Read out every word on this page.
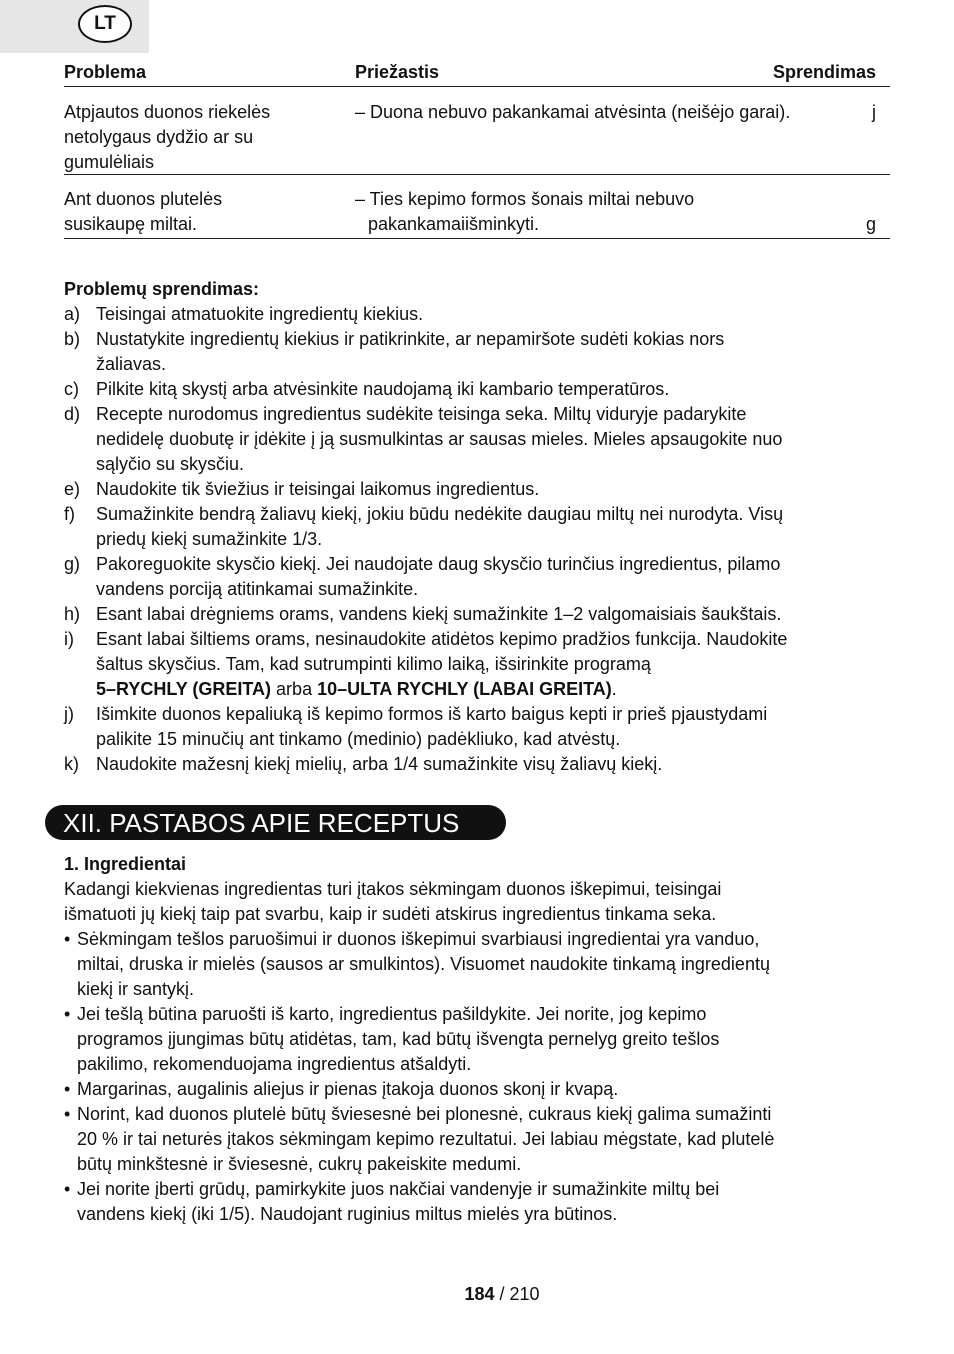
LT
Problema	Priežastis	Sprendimas
Atpjautos duonos riekelės
netolygaus dydžio ar su
gumulėliais
– Duona nebuvo pakankamai atvėsinta (neišėjo garai).	j
Ant duonos plutelės
susikaupę miltai.
– Ties kepimo formos šonais miltai nebuvo
pakankamaiišminkyti.	g
Problemų sprendimas:
a) Teisingai atmatuokite ingredientų kiekius.
b) Nustatykite ingredientų kiekius ir patikrinkite, ar nepamiršote sudėti kokias nors
žaliavas.
c) Pilkite kitą skystį arba atvėsinkite naudojamą iki kambario temperatūros.
d) Recepte nurodomus ingredientus sudėkite teisinga seka. Miltų viduryje padarykite
nedidelę duobutę ir įdėkite į ją susmulkintas ar sausas mieles. Mieles apsaugokite nuo
sąlyčio su skysčiu.
e) Naudokite tik šviežius ir teisingai laikomus ingredientus.
f) Sumažinkite bendrą žaliavų kiekį, jokiu būdu nedėkite daugiau miltų nei nurodyta. Visų
priedų kiekį sumažinkite 1/3.
g) Pakoreguokite skysčio kiekį. Jei naudojate daug skysčio turinčius ingredientus, pilamo
vandens porciją atitinkamai sumažinkite.
h) Esant labai drėgniems orams, vandens kiekį sumažinkite 1–2 valgomaisiais šaukštais.
i) Esant labai šiltiems orams, nesinaudokite atidėtos kepimo pradžios funkcija. Naudokite
šaltus skysčius. Tam, kad sutrumpinti kilimo laiką, išsirinkite programą
5–RYCHLY (GREITA) arba 10–ULTA RYCHLY (LABAI GREITA).
j) Išimkite duonos kepaliuką iš kepimo formos iš karto baigus kepti ir prieš pjaustydami
palikite 15 minučių ant tinkamo (medinio) padėkliuko, kad atvėstų.
k) Naudokite mažesnį kiekį mielių, arba 1/4 sumažinkite visų žaliavų kiekį.
XII. PASTABOS APIE RECEPTUS
1. Ingredientai
Kadangi kiekvienas ingredientas turi įtakos sėkmingam duonos iškepimui, teisingai
išmatuoti jų kiekį taip pat svarbu, kaip ir sudėti atskirus ingredientus tinkama seka.
• Sėkmingam tešlos paruošimui ir duonos iškepimui svarbiausi ingredientai yra vanduo,
miltai, druska ir mielės (sausos ar smulkintos). Visuomet naudokite tinkamą ingredientų
kiekį ir santykį.
• Jei tešlą būtina paruošti iš karto, ingredientus pašildykite. Jei norite, jog kepimo
programos įjungimas būtų atidėtas, tam, kad būtų išvengta pernelyg greito tešlos
pakilimo, rekomenduojama ingredientus atšaldyti.
• Margarinas, augalinis aliejus ir pienas įtakoja duonos skonį ir kvapą.
• Norint, kad duonos plutelė būtų šviesesnė bei plonesnė, cukraus kiekį galima sumažinti
20 % ir tai neturės įtakos sėkmingam kepimo rezultatui. Jei labiau mėgstate, kad plutelė
būtų minkštesnė ir šviesesnė, cukrų pakeiskite medumi.
• Jei norite įberti grūdų, pamirkykite juos nakčiai vandenyje ir sumažinkite miltų bei
vandens kiekį (iki 1/5). Naudojant ruginius miltus mielės yra būtinos.
184 / 210
